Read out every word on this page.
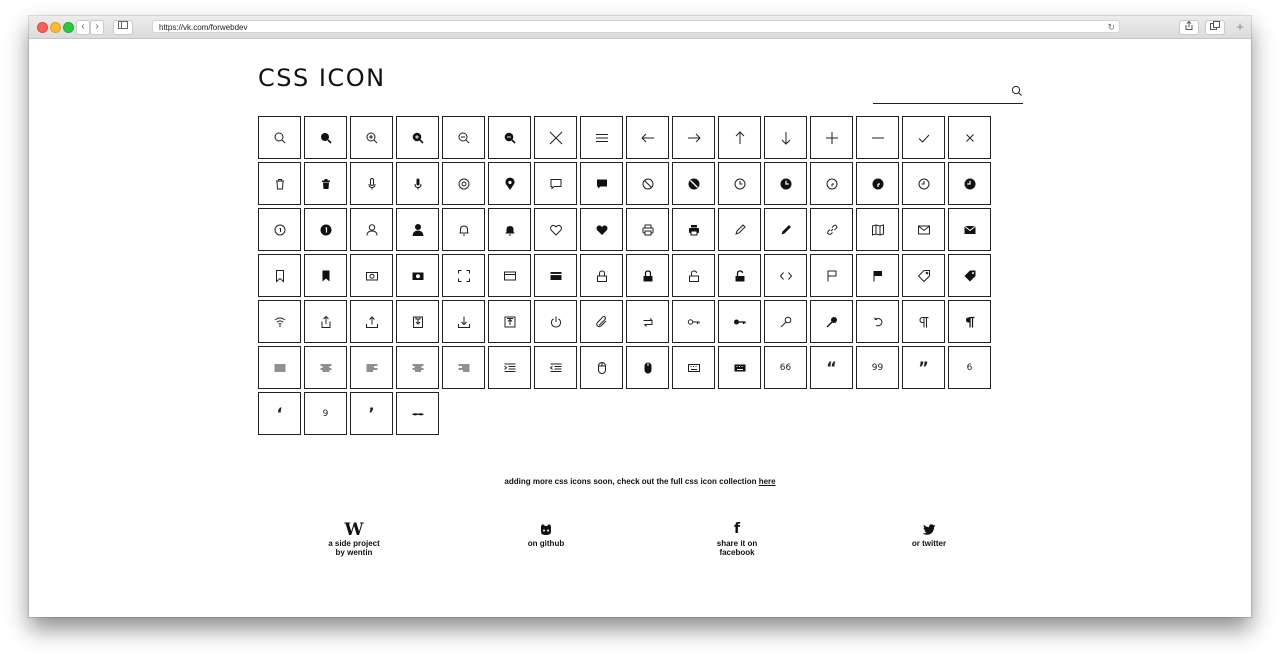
‹	›	https://vk.com/forwebdev	↻	+
CSS ICON
66 “	99 ”	6
‘	9	’
adding more css icons soon, check out the full css icon collection here
W
a side project
by wentin
on github
f
share it on
facebook
or twitter
